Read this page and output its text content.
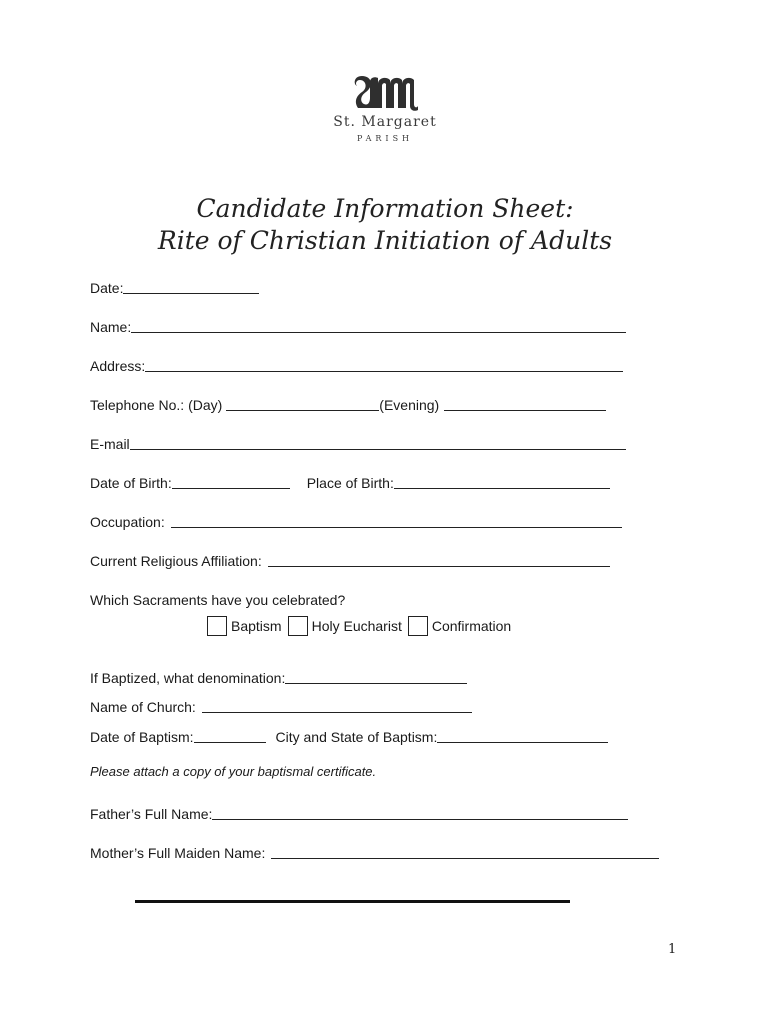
St. Margaret
PARISH
Candidate Information Sheet:
Rite of Christian Initiation of Adults
Date:
Name:
Address:
Telephone No.: (Day)	(Evening)
E-mail
Date of Birth:	Place of Birth:
Occupation:
Current Religious Affiliation:
Which Sacraments have you celebrated?
Baptism Holy Eucharist Confirmation
If Baptized, what denomination:
Name of Church:
Date of Baptism:	City and State of Baptism:
Please attach a copy of your baptismal certificate.
Father’s Full Name:
Mother’s Full Maiden Name:
1
